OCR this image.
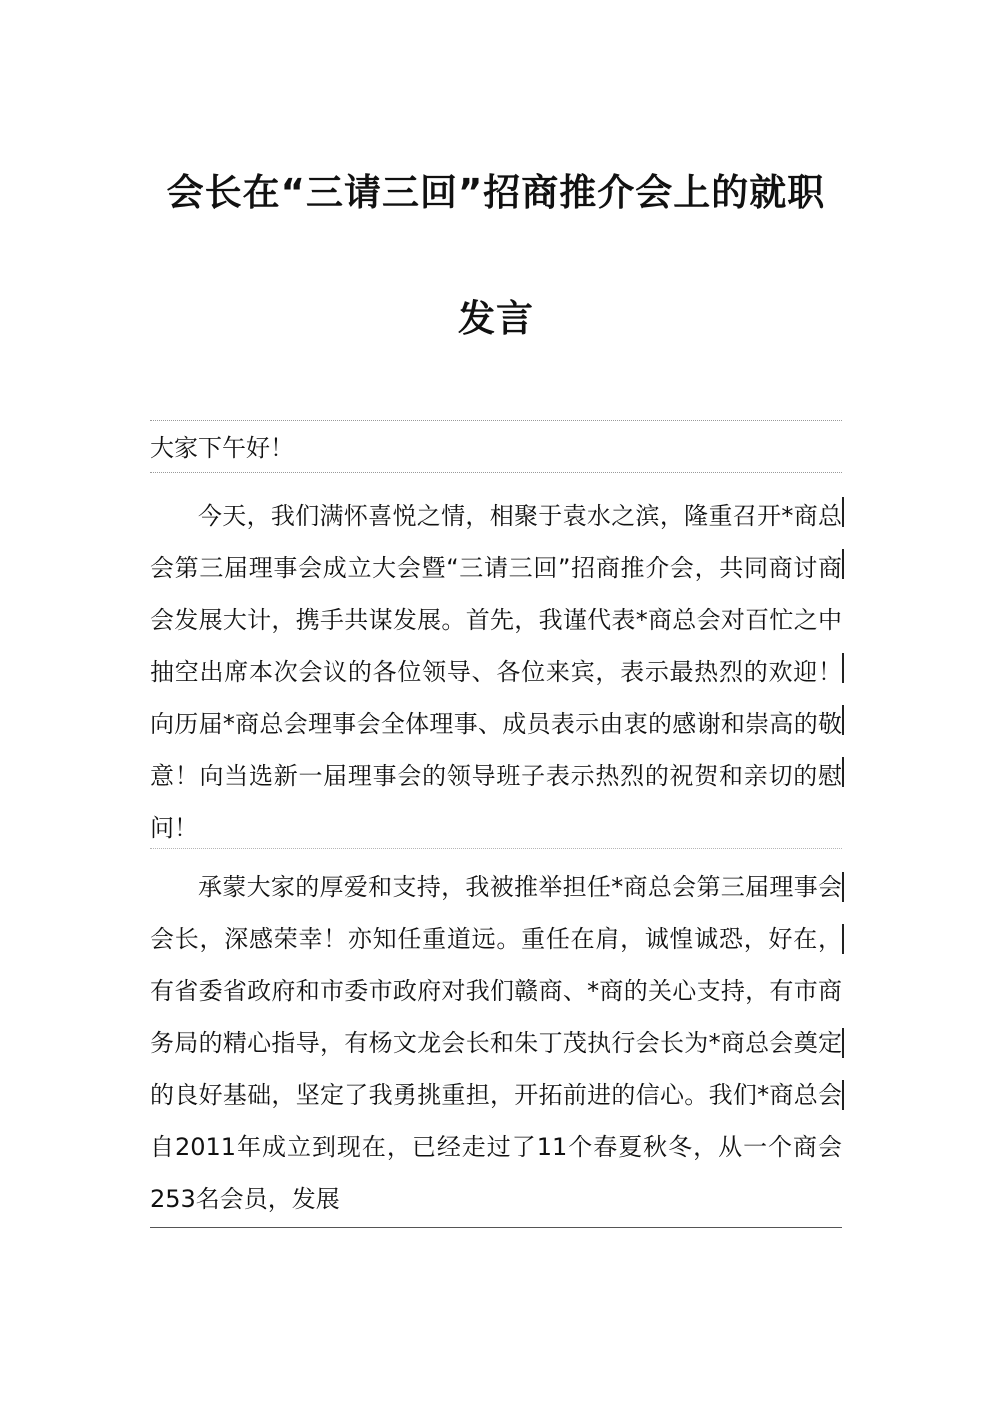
会长在“三请三回”招商推介会上的就职
发言
大家下午好！
今天，我们满怀喜悦之情，相聚于袁水之滨，隆重召开*商总会第三届理事会成立大会暨“三请三回”招商推介会，共同商讨商会发展大计，携手共谋发展。首先，我谨代表*商总会对百忙之中抽空出席本次会议的各位领导、各位来宾，表示最热烈的欢迎！向历届*商总会理事会全体理事、成员表示由衷的感谢和崇高的敬意！向当选新一届理事会的领导班子表示热烈的祝贺和亲切的慰问！
承蒙大家的厚爱和支持，我被推举担任*商总会第三届理事会会长，深感荣幸！亦知任重道远。重任在肩，诚惶诚恐，好在，有省委省政府和市委市政府对我们赣商、*商的关心支持，有市商务局的精心指导，有杨文龙会长和朱丁茂执行会长为*商总会奠定的良好基础，坚定了我勇挑重担，开拓前进的信心。我们*商总会自2011年成立到现在，已经走过了11个春夏秋冬，从一个商会253名会员，发展
